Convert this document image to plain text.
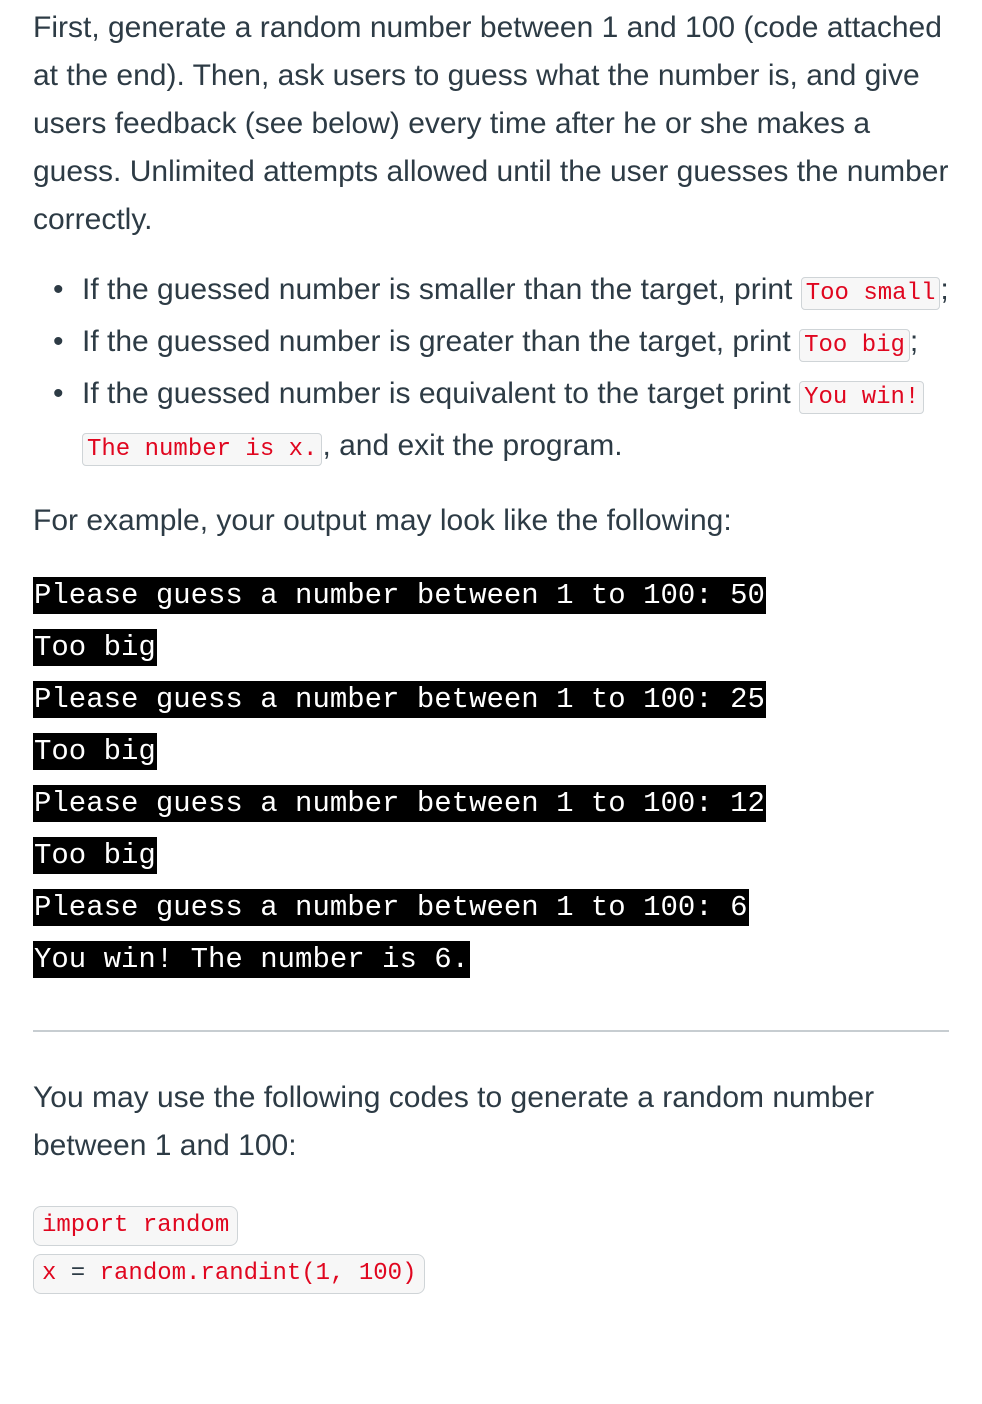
First, generate a random number between 1 and 100 (code attached at the end). Then, ask users to guess what the number is, and give users feedback (see below) every time after he or she makes a guess. Unlimited attempts allowed until the user guesses the number correctly.

• If the guessed number is smaller than the target, print Too small ;
• If the guessed number is greater than the target, print Too big ;
• If the guessed number is equivalent to the target print You win! The number is x. , and exit the program.

For example, your output may look like the following:

Please guess a number between 1 to 100: 50
Too big
Please guess a number between 1 to 100: 25
Too big
Please guess a number between 1 to 100: 12
Too big
Please guess a number between 1 to 100: 6
You win! The number is 6.

You may use the following codes to generate a random number between 1 and 100:

import random
x = random.randint(1, 100)
